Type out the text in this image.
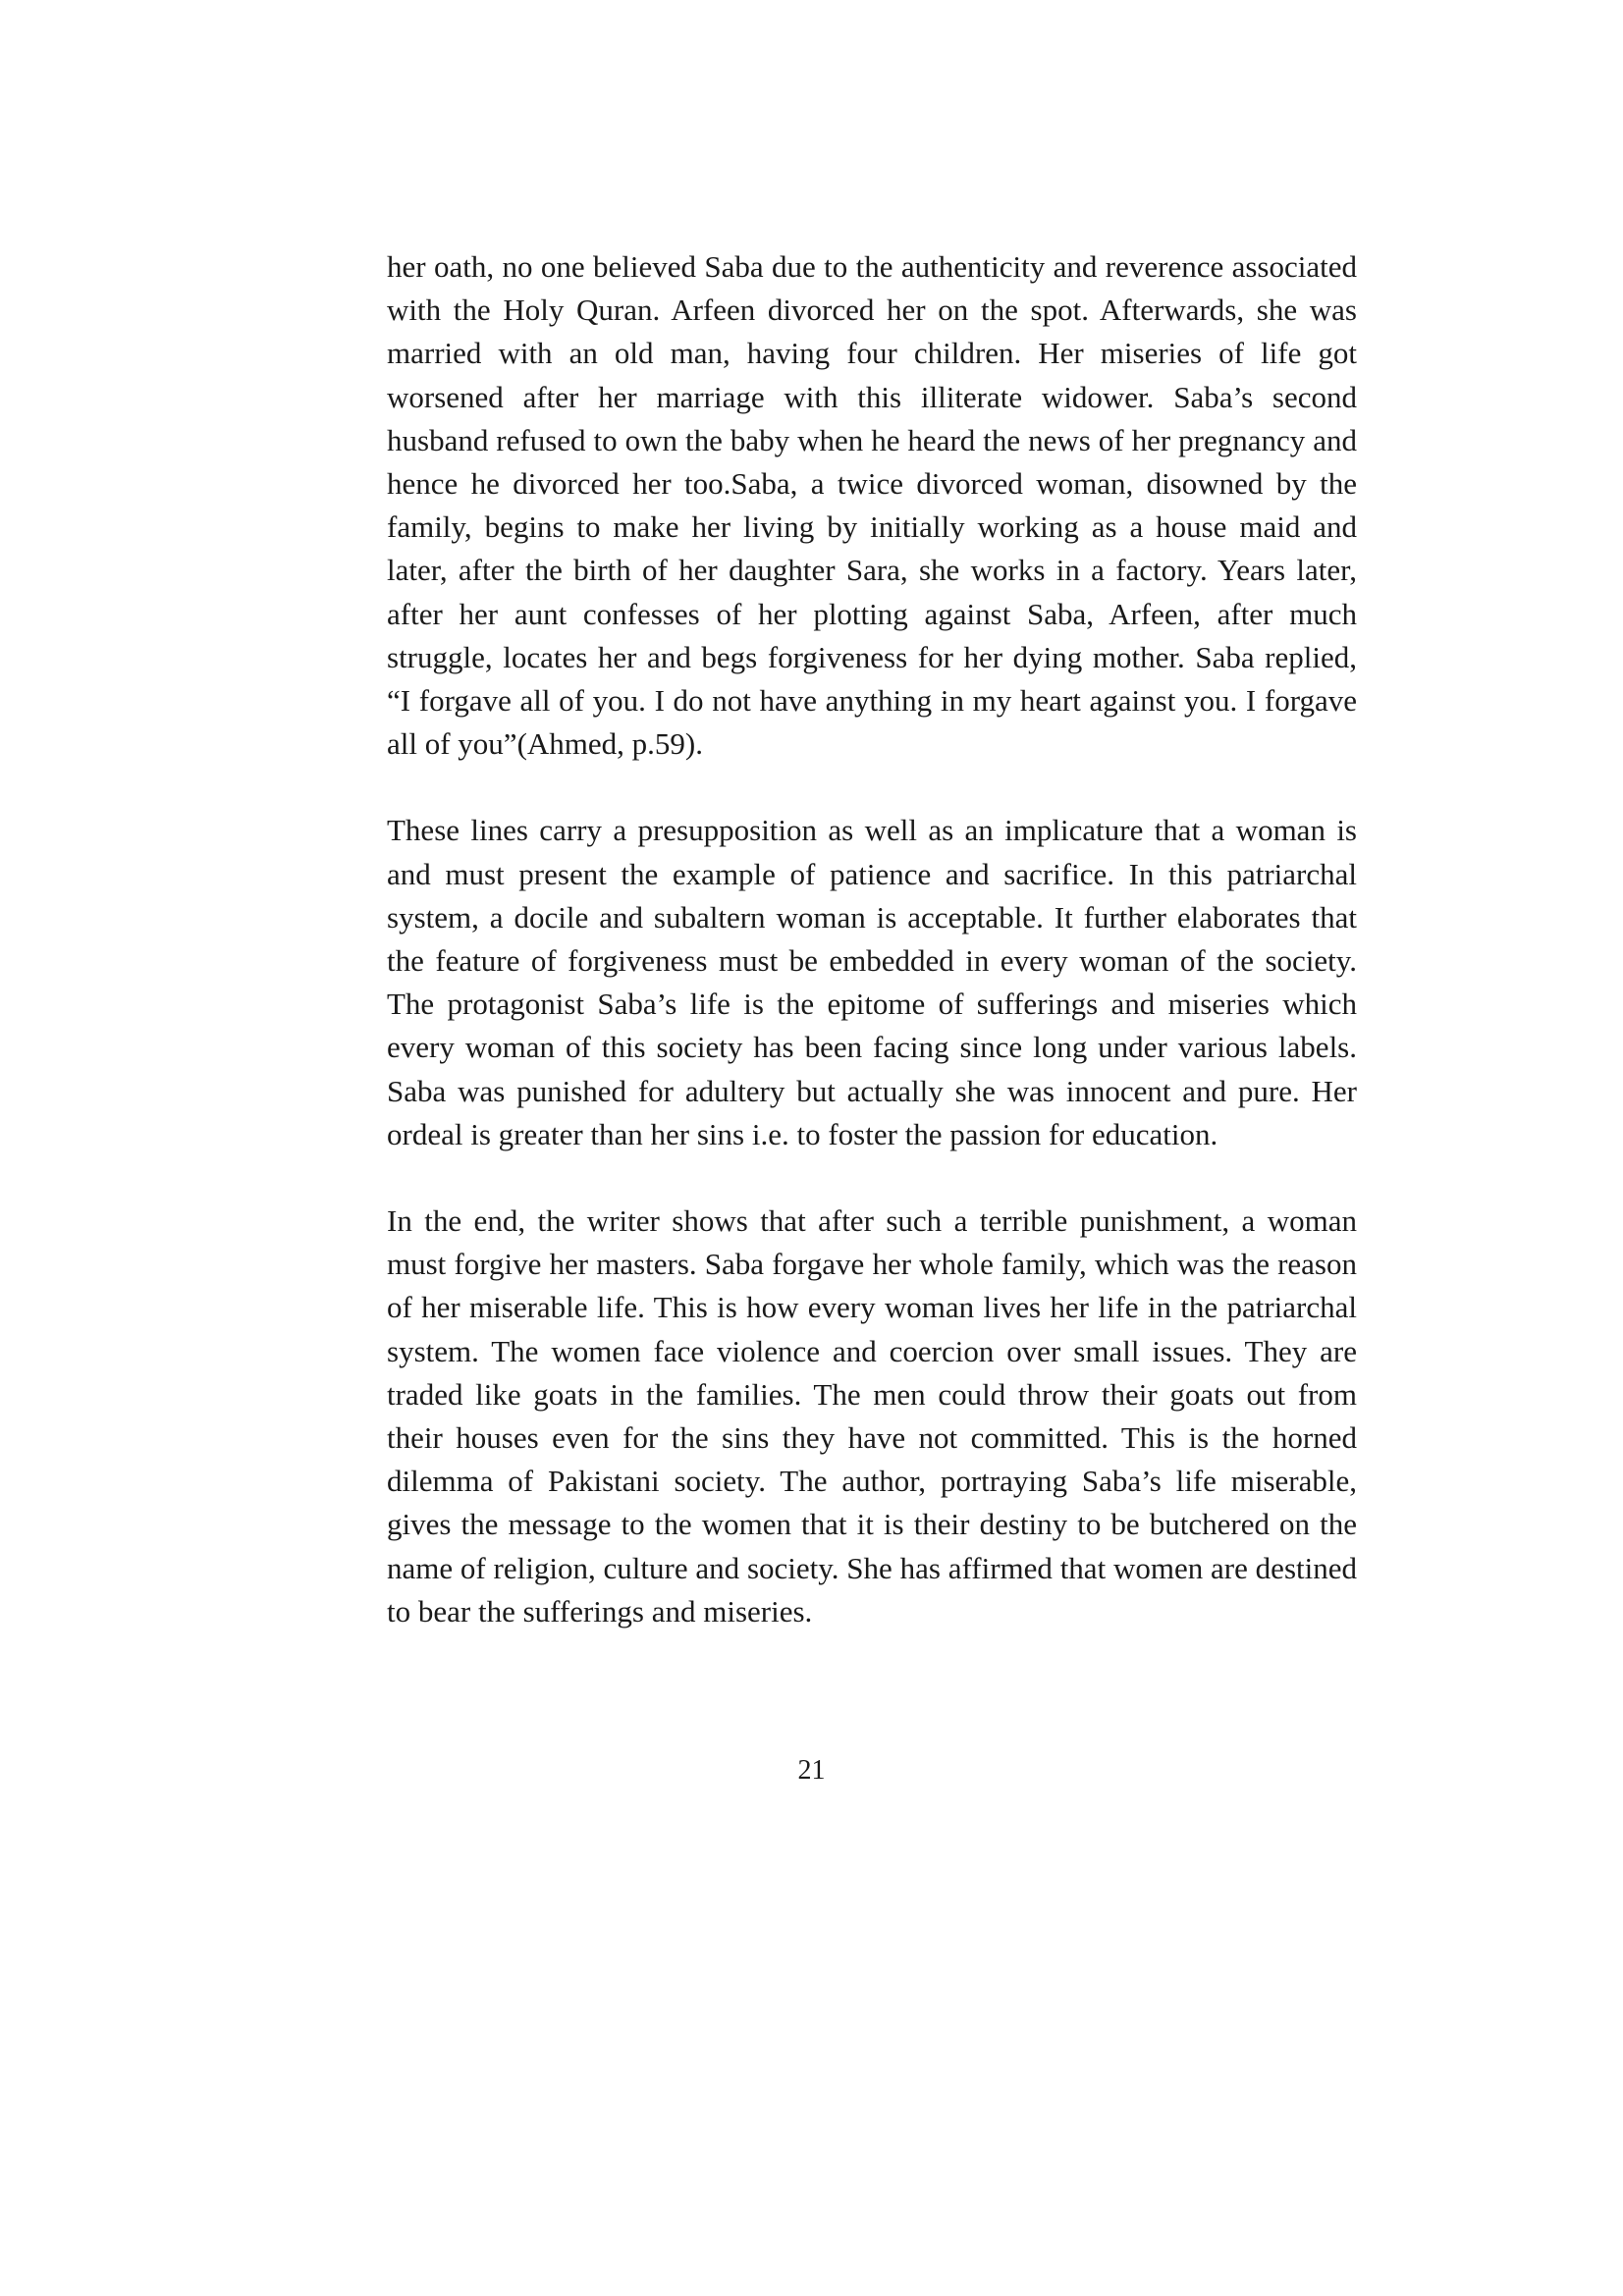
her oath, no one believed Saba due to the authenticity and reverence associated with the Holy Quran. Arfeen divorced her on the spot. Afterwards, she was married with an old man, having four children. Her miseries of life got worsened after her marriage with this illiterate widower. Saba’s second husband refused to own the baby when he heard the news of her pregnancy and hence he divorced her too.Saba, a twice divorced woman, disowned by the family, begins to make her living by initially working as a house maid and later, after the birth of her daughter Sara, she works in a factory. Years later, after her aunt confesses of her plotting against Saba, Arfeen, after much struggle, locates her and begs forgiveness for her dying mother. Saba replied, “I forgave all of you. I do not have anything in my heart against you. I forgave all of you”(Ahmed, p.59).

These lines carry a presupposition as well as an implicature that a woman is and must present the example of patience and sacrifice. In this patriarchal system, a docile and subaltern woman is acceptable. It further elaborates that the feature of forgiveness must be embedded in every woman of the society. The protagonist Saba’s life is the epitome of sufferings and miseries which every woman of this society has been facing since long under various labels. Saba was punished for adultery but actually she was innocent and pure. Her ordeal is greater than her sins i.e. to foster the passion for education.

In the end, the writer shows that after such a terrible punishment, a woman must forgive her masters. Saba forgave her whole family, which was the reason of her miserable life. This is how every woman lives her life in the patriarchal system. The women face violence and coercion over small issues. They are traded like goats in the families. The men could throw their goats out from their houses even for the sins they have not committed. This is the horned dilemma of Pakistani society. The author, portraying Saba’s life miserable, gives the message to the women that it is their destiny to be butchered on the name of religion, culture and society. She has affirmed that women are destined to bear the sufferings and miseries.

21
